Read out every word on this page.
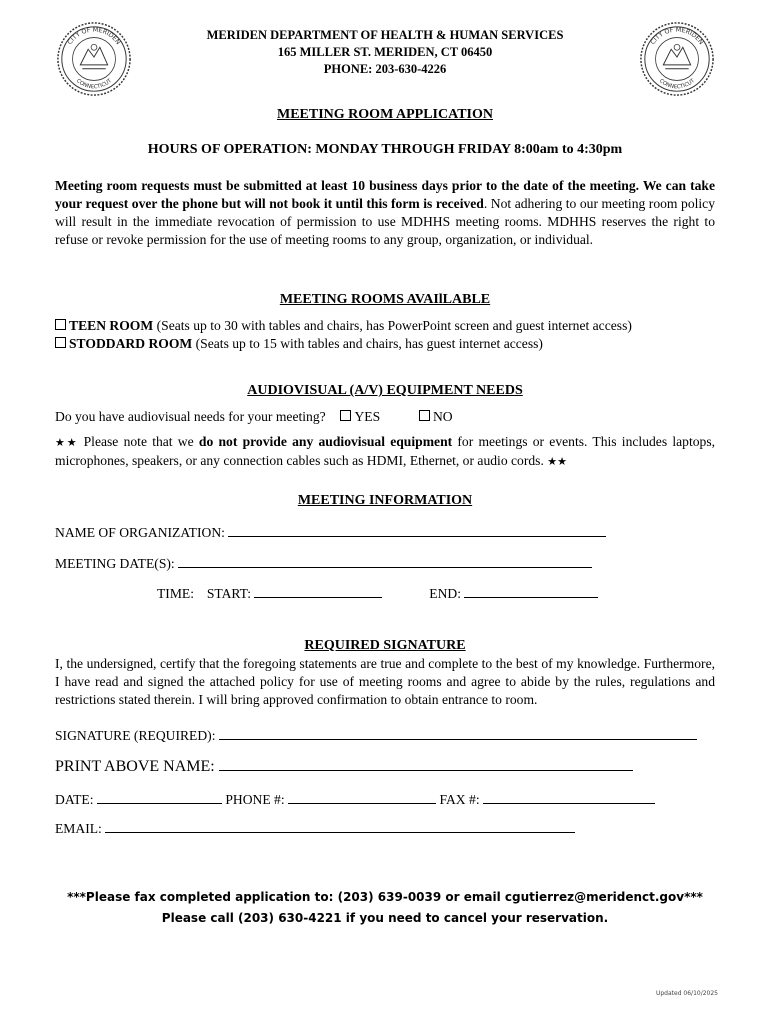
CITY OF MERIDEN
CONNECTICUT
CITY OF MERIDEN
CONNECTICUT
MERIDEN DEPARTMENT OF HEALTH & HUMAN SERVICES
165 MILLER ST. MERIDEN, CT 06450
PHONE: 203-630-4226
MEETING ROOM APPLICATION
HOURS OF OPERATION: MONDAY THROUGH FRIDAY 8:00am to 4:30pm
Meeting room requests must be submitted at least 10 business days prior to the date of the meeting. We can take your request over the phone but will not book it until this form is received. Not adhering to our meeting room policy will result in the immediate revocation of permission to use MDHHS meeting rooms. MDHHS reserves the right to refuse or revoke permission for the use of meeting rooms to any group, organization, or individual.
MEETING ROOMS AVAIlLABLE
TEEN ROOM (Seats up to 30 with tables and chairs, has PowerPoint screen and guest internet access)
STODDARD ROOM (Seats up to 15 with tables and chairs, has guest internet access)
AUDIOVISUAL (A/V) EQUIPMENT NEEDS
Do you have audiovisual needs for your meeting? YES	NO
★★ Please note that we do not provide any audiovisual equipment for meetings or events. This includes laptops, microphones, speakers, or any connection cables such as HDMI, Ethernet, or audio cords. ★★
MEETING INFORMATION
NAME OF ORGANIZATION:
MEETING DATE(S):
TIME: START:	END:
REQUIRED SIGNATURE
I, the undersigned, certify that the foregoing statements are true and complete to the best of my knowledge. Furthermore, I have read and signed the attached policy for use of meeting rooms and agree to abide by the rules, regulations and restrictions stated therein. I will bring approved confirmation to obtain entrance to room.
SIGNATURE (REQUIRED):
PRINT ABOVE NAME:
DATE:	PHONE #:	FAX #:
EMAIL:
***Please fax completed application to: (203) 639-0039 or email cgutierrez@meridenct.gov***
Please call (203) 630-4221 if you need to cancel your reservation.
Updated 06/10/2025
